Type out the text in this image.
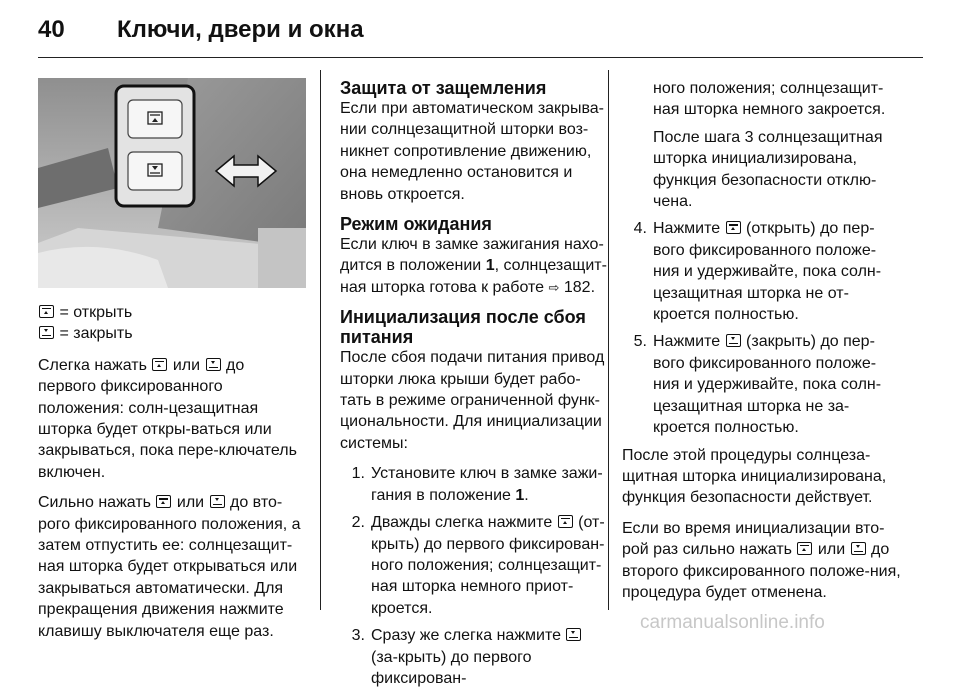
40 Ключи, двери и окна

= открыть

= закрыть

Слегка нажать  или  до первого фиксированного положения: солн-цезащитная шторка будет откры-ваться или закрываться, пока пере-ключатель включен.

Сильно нажать  или  до вто-рого фиксированного положения, а затем отпустить ее: солнцезащит-ная шторка будет открываться или закрываться автоматически. Для прекращения движения нажмите клавишу выключателя еще раз.

Защита от защемления

Если при автоматическом закрыва-нии солнцезащитной шторки воз-никнет сопротивление движению, она немедленно остановится и вновь откроется.

Режим ожидания

Если ключ в замке зажигания нахо-дится в положении 1, солнцезащит-ная шторка готова к работе ⇨ 182.

Инициализация после сбоя питания

После сбоя подачи питания привод шторки люка крыши будет рабо-тать в режиме ограниченной функ-циональности. Для инициализации системы:

1. Установите ключ в замке зажи-гания в положение 1.
2. Дважды слегка нажмите  (от-крыть) до первого фиксирован-ного положения; солнцезащит-ная шторка немного приот-кроется.
3. Сразу же слегка нажмите  (за-крыть) до первого фиксирован-
ного положения; солнцезащит-ная шторка немного закроется.
После шага 3 солнцезащитная шторка инициализирована, функция безопасности отклю-чена.
4. Нажмите  (открыть) до пер-вого фиксированного положе-ния и удерживайте, пока солн-цезащитная шторка не от-кроется полностью.
5. Нажмите  (закрыть) до пер-вого фиксированного положе-ния и удерживайте, пока солн-цезащитная шторка не за-кроется полностью.

После этой процедуры солнцеза-щитная шторка инициализирована, функция безопасности действует.

Если во время инициализации вто-рой раз сильно нажать  или  до второго фиксированного положе-ния, процедура будет отменена.

carmanualsonline.info
